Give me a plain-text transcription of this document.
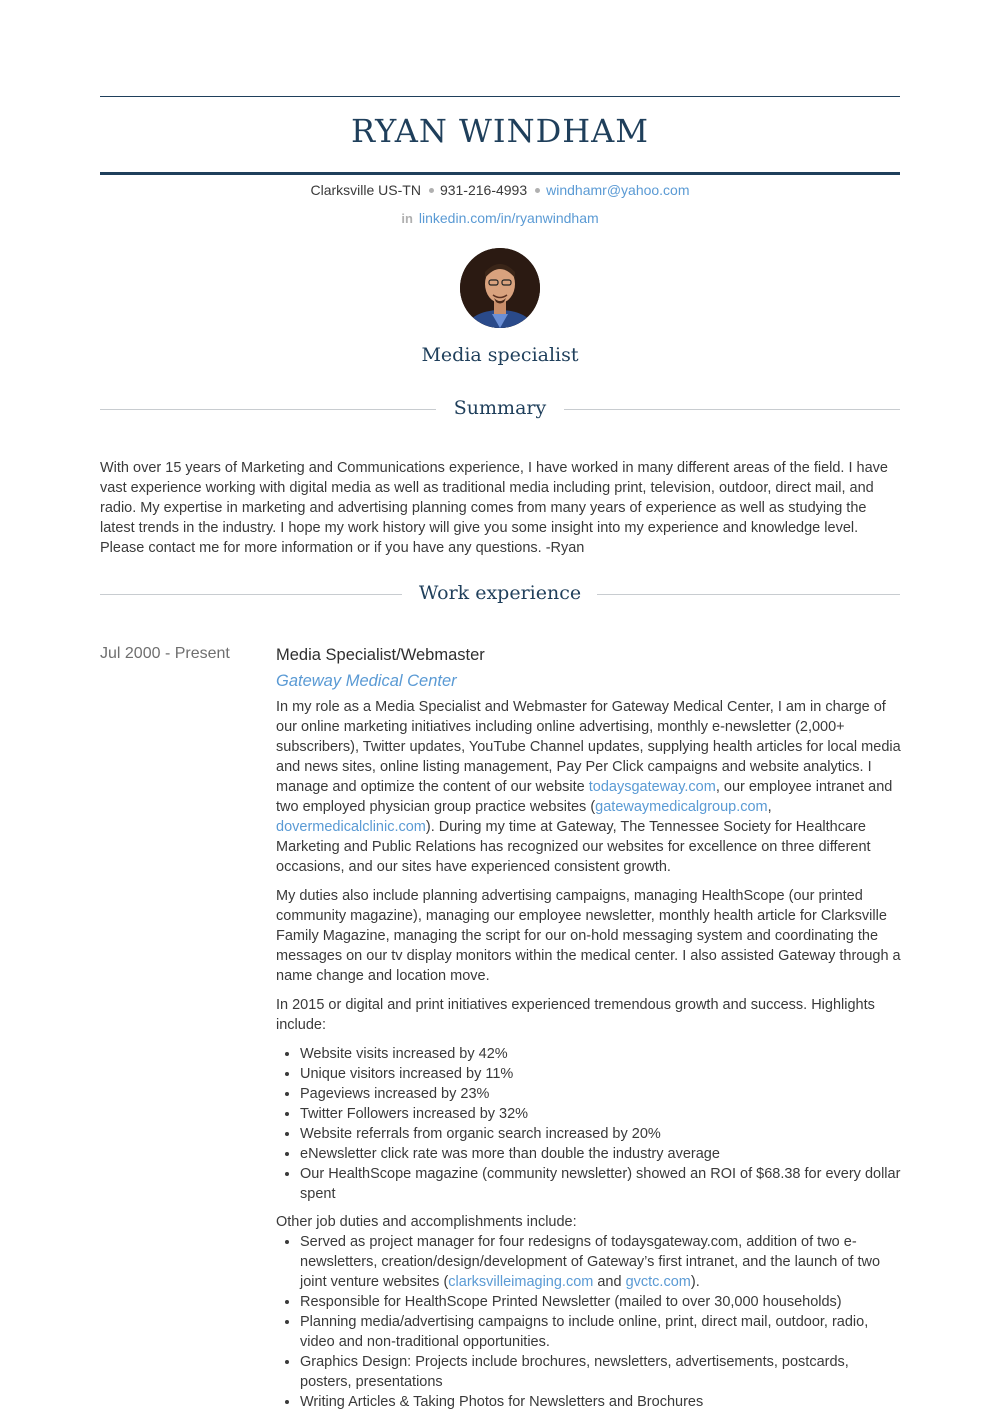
RYAN WINDHAM
Clarksville US-TN 931-216-4993 windhamr@yahoo.com
in linkedin.com/in/ryanwindham
Media specialist
Summary
With over 15 years of Marketing and Communications experience, I have worked in many different areas of the field. I have vast experience working with digital media as well as traditional media including print, television, outdoor, direct mail, and radio. My expertise in marketing and advertising planning comes from many years of experience as well as studying the latest trends in the industry. I hope my work history will give you some insight into my experience and knowledge level. Please contact me for more information or if you have any questions. -Ryan
Work experience
Jul 2000 - Present	Media Specialist/Webmaster
Gateway Medical Center

In my role as a Media Specialist and Webmaster for Gateway Medical Center, I am in charge of our online marketing initiatives including online advertising, monthly e-newsletter (2,000+ subscribers), Twitter updates, YouTube Channel updates, supplying health articles for local media and news sites, online listing management, Pay Per Click campaigns and website analytics. I manage and optimize the content of our website todaysgateway.com, our employee intranet and two employed physician group practice websites (gatewaymedicalgroup.com, dovermedicalclinic.com). During my time at Gateway, The Tennessee Society for Healthcare Marketing and Public Relations has recognized our websites for excellence on three different occasions, and our sites have experienced consistent growth.

My duties also include planning advertising campaigns, managing HealthScope (our printed community magazine), managing our employee newsletter, monthly health article for Clarksville Family Magazine, managing the script for our on-hold messaging system and coordinating the messages on our tv display monitors within the medical center. I also assisted Gateway through a name change and location move.

In 2015 or digital and print initiatives experienced tremendous growth and success. Highlights include:

• Website visits increased by 42%
• Unique visitors increased by 11%
• Pageviews increased by 23%
• Twitter Followers increased by 32%
• Website referrals from organic search increased by 20%
• eNewsletter click rate was more than double the industry average
• Our HealthScope magazine (community newsletter) showed an ROI of $68.38 for every dollar spent

Other job duties and accomplishments include:

• Served as project manager for four redesigns of todaysgateway.com, addition of two e-newsletters, creation/design/development of Gateway’s first intranet, and the launch of two joint venture websites (clarksvilleimaging.com and gvctc.com).
• Responsible for HealthScope Printed Newsletter (mailed to over 30,000 households)
• Planning media/advertising campaigns to include online, print, direct mail, outdoor, radio, video and non-traditional opportunities.
• Graphics Design: Projects include brochures, newsletters, advertisements, postcards, posters, presentations
• Writing Articles & Taking Photos for Newsletters and Brochures
